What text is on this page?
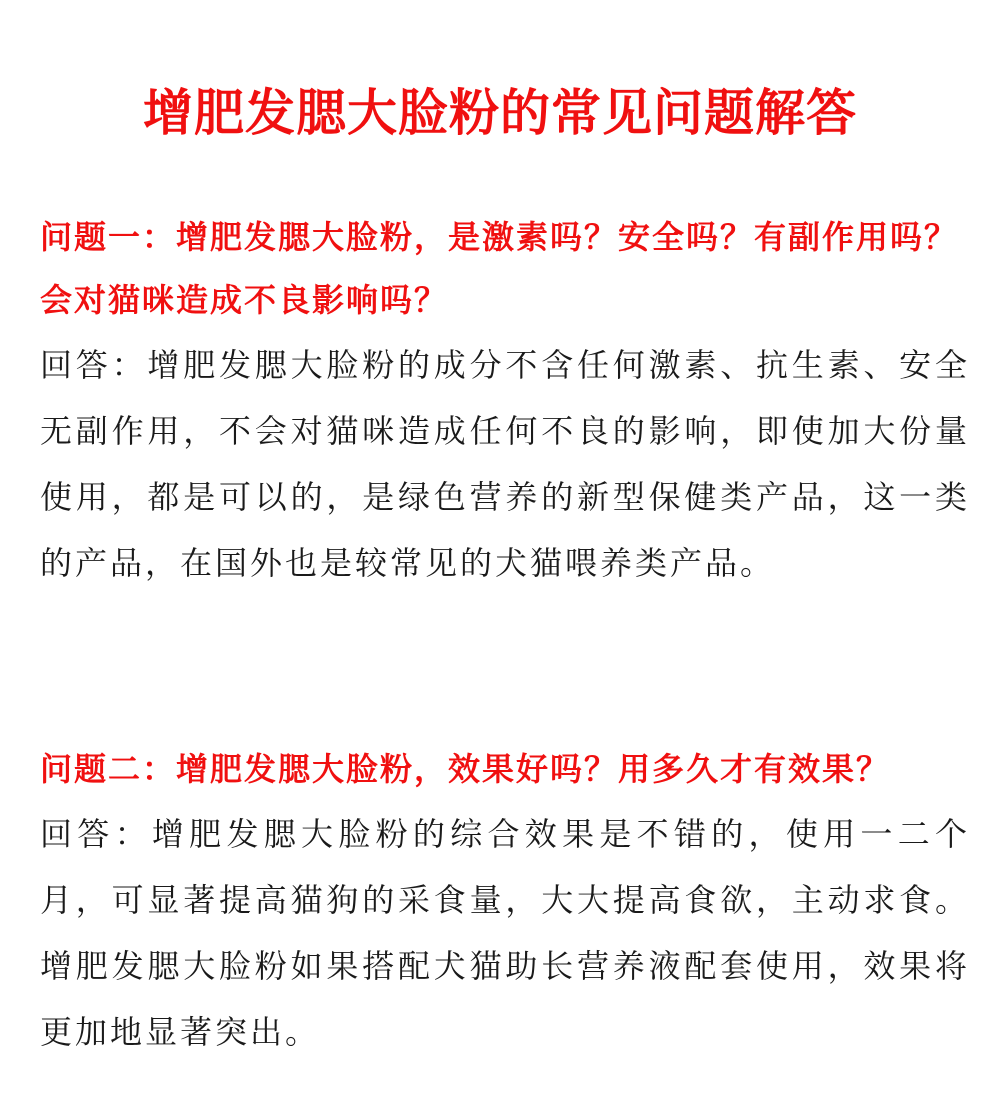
增肥发腮大脸粉的常见问题解答

问题一：增肥发腮大脸粉，是激素吗？安全吗？有副作用吗？会对猫咪造成不良影响吗？

回答：增肥发腮大脸粉的成分不含任何激素、抗生素、安全无副作用，不会对猫咪造成任何不良的影响，即使加大份量使用，都是可以的，是绿色营养的新型保健类产品，这一类的产品，在国外也是较常见的犬猫喂养类产品。

问题二：增肥发腮大脸粉，效果好吗？用多久才有效果？

回答：增肥发腮大脸粉的综合效果是不错的，使用一二个月，可显著提高猫狗的采食量，大大提高食欲，主动求食。增肥发腮大脸粉如果搭配犬猫助长营养液配套使用，效果将更加地显著突出。
